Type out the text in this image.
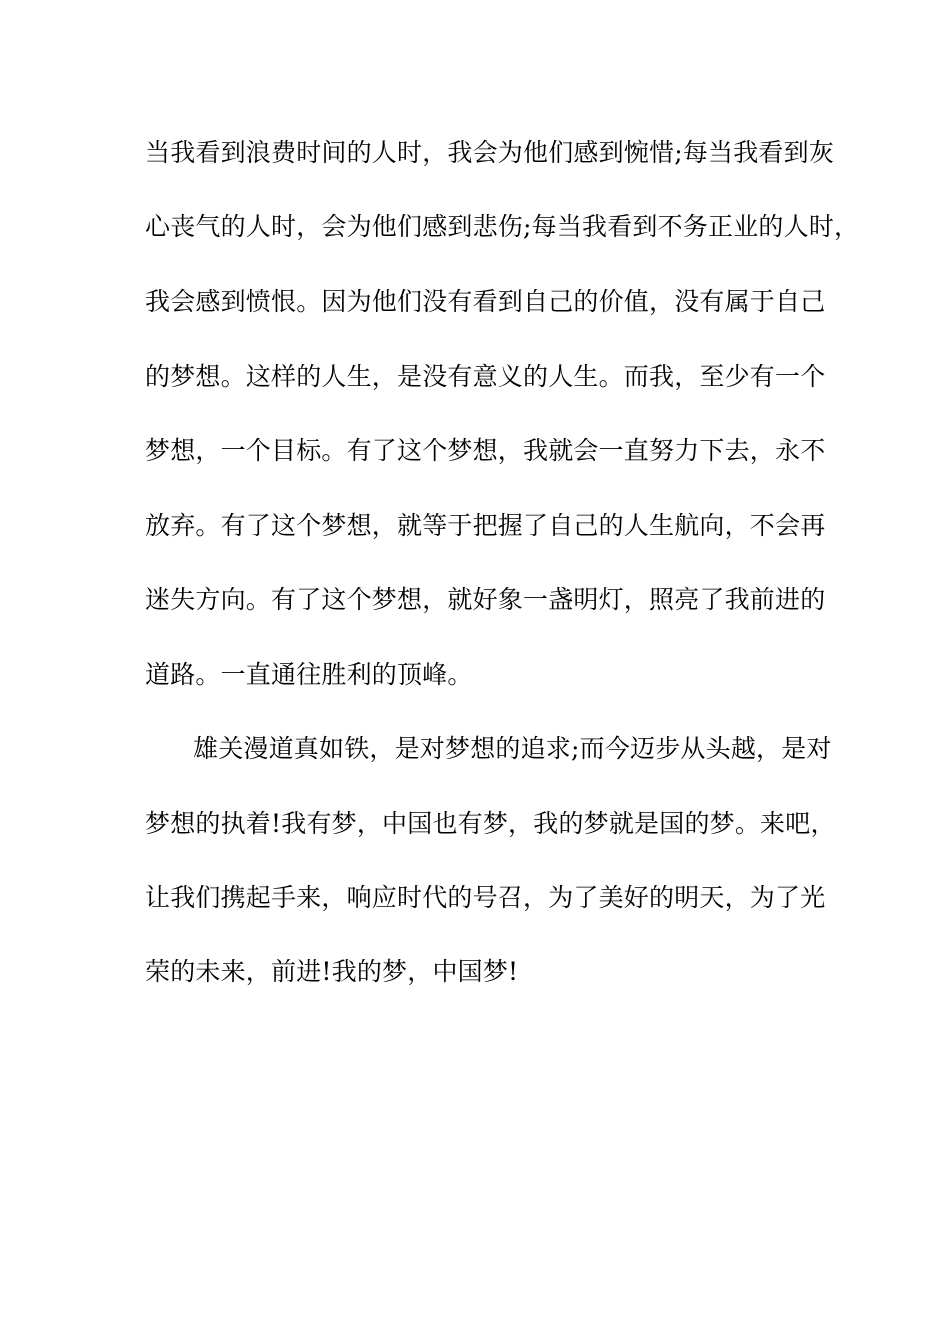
当我看到浪费时间的人时，我会为他们感到惋惜;每当我看到灰
心丧气的人时，会为他们感到悲伤;每当我看到不务正业的人时，
我会感到愤恨。因为他们没有看到自己的价值，没有属于自己
的梦想。这样的人生，是没有意义的人生。而我，至少有一个
梦想，一个目标。有了这个梦想，我就会一直努力下去，永不
放弃。有了这个梦想，就等于把握了自己的人生航向，不会再
迷失方向。有了这个梦想，就好象一盏明灯，照亮了我前进的
道路。一直通往胜利的顶峰。
雄关漫道真如铁，是对梦想的追求;而今迈步从头越，是对
梦想的执着!我有梦，中国也有梦，我的梦就是国的梦。来吧，
让我们携起手来，响应时代的号召，为了美好的明天，为了光
荣的未来，前进!我的梦，中国梦!
